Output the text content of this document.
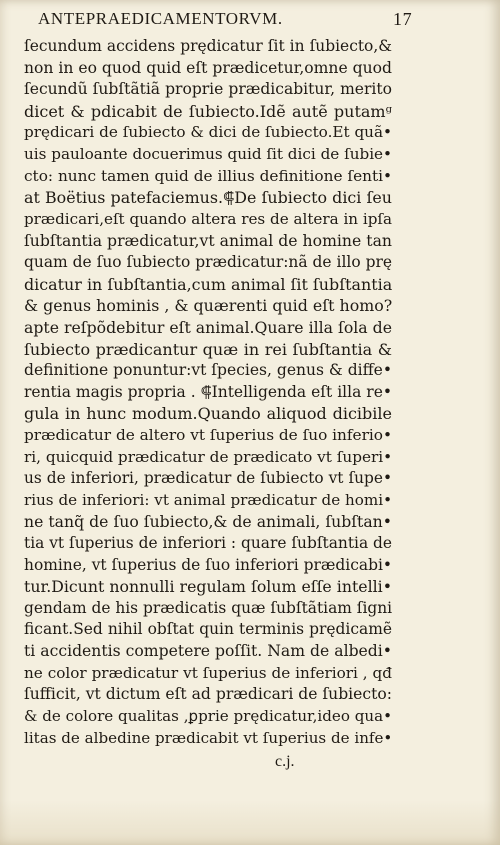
ANTEPRAEDICAMENTORVM.	17
ſecundum accidens prędicatur ſit in ſubiecto,&
non in eo quod quid eſt prædicetur,omne quod
ſecundũ ſubſtãtiã proprie prædicabitur, merito
dicet & pdicabit de ſubiecto.Idẽ autẽ putamᵍ
prędicari de ſubiecto & dici de ſubiecto.Et quã•
uis pauloante docuerimus quid ſit dici de ſubie•
cto: nunc tamen quid de illius definitione ſenti•
at Boëtius patefaciemus.⸿De ſubiecto dici ſeu
prædicari,eſt quando altera res de altera in ipſa
ſubſtantia prædicatur,vt animal de homine tan
quam de ſuo ſubiecto prædicatur:nã de illo prę
dicatur in ſubſtantia,cum animal ſit ſubſtantia
& genus hominis , & quærenti quid eſt homo?
apte reſpõdebitur eſt animal.Quare illa ſola de
ſubiecto prædicantur quæ in rei ſubſtantia &
definitione ponuntur:vt ſpecies, genus & diffe•
rentia magis propria . ⸿Intelligenda eſt illa re•
gula in hunc modum.Quando aliquod dicibile
prædicatur de altero vt ſuperius de ſuo inferio•
ri, quicquid prædicatur de prædicato vt ſuperi•
us de inferiori, prædicatur de ſubiecto vt ſupe•
rius de inferiori: vt animal prædicatur de homi•
ne tanq̃ de ſuo ſubiecto,& de animali, ſubſtan•
tia vt ſuperius de inferiori : quare ſubſtantia de
homine, vt ſuperius de ſuo inferiori prædicabi•
tur.Dicunt nonnulli regulam ſolum eſſe intelli•
gendam de his prædicatis quæ ſubſtãtiam ſigni
ficant.Sed nihil obſtat quin terminis prędicamẽ
ti accidentis competere poſſit. Nam de albedi•
ne color prædicatur vt ſuperius de inferiori , qđ
ſufficit, vt dictum eſt ad prædicari de ſubiecto:
& de colore qualitas ,ꝑprie prędicatur,ideo qua•
litas de albedine prædicabit vt ſuperius de infe•
c.j.
